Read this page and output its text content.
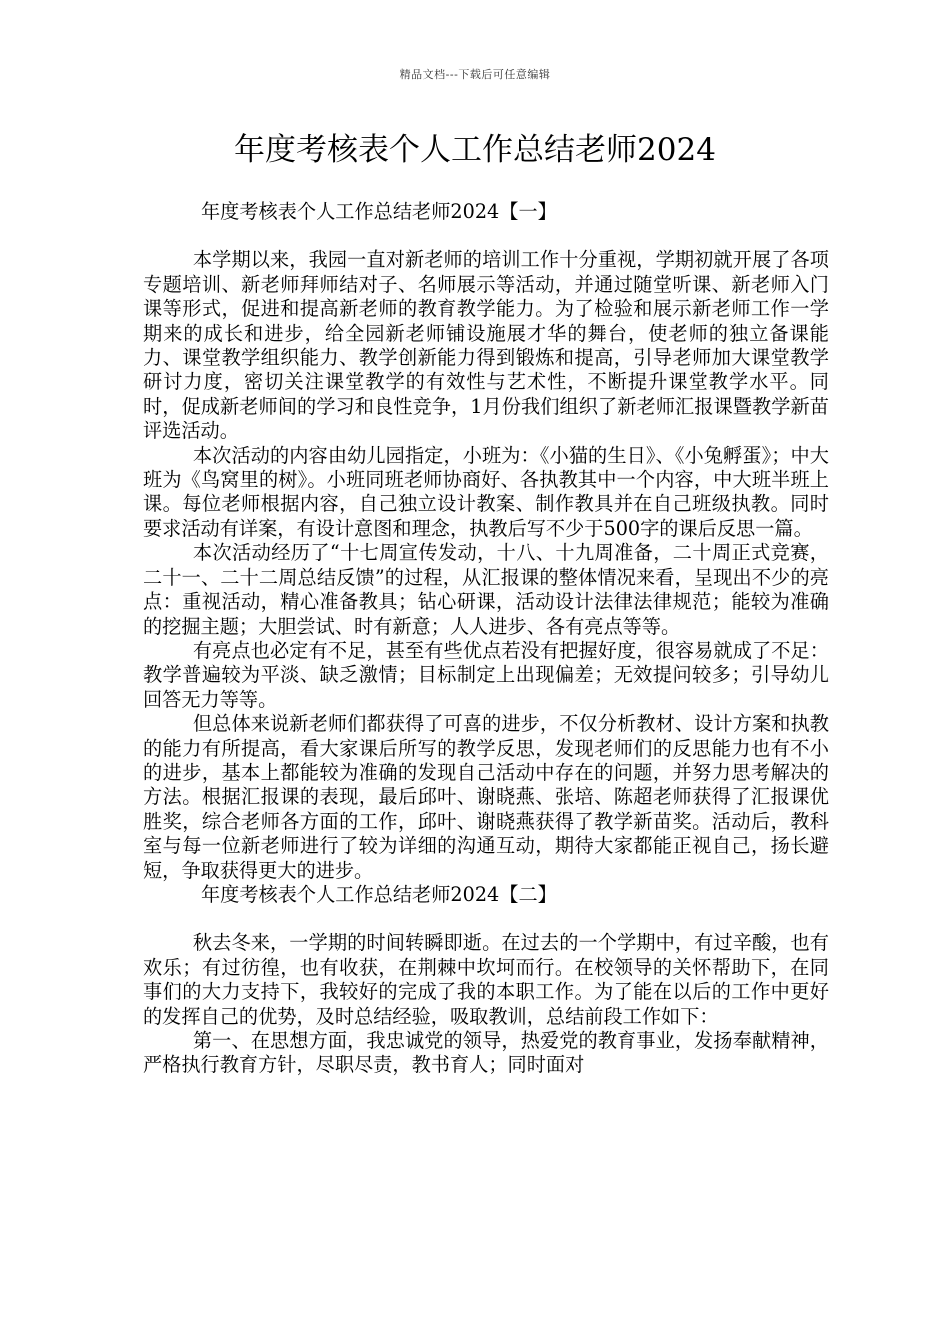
精品文档---下载后可任意编辑
年度考核表个人工作总结老师2024
年度考核表个人工作总结老师2024【一】

本学期以来，我园一直对新老师的培训工作十分重视，学期初就开展了各项专题培训、新老师拜师结对子、名师展示等活动，并通过随堂听课、新老师入门课等形式，促进和提高新老师的教育教学能力。为了检验和展示新老师工作一学期来的成长和进步，给全园新老师铺设施展才华的舞台，使老师的独立备课能力、课堂教学组织能力、教学创新能力得到锻炼和提高，引导老师加大课堂教学研讨力度，密切关注课堂教学的有效性与艺术性，不断提升课堂教学水平。同时，促成新老师间的学习和良性竞争，1月份我们组织了新老师汇报课暨教学新苗评选活动。

本次活动的内容由幼儿园指定，小班为：《小猫的生日》、《小兔孵蛋》；中大班为《鸟窝里的树》。小班同班老师协商好、各执教其中一个内容，中大班半班上课。每位老师根据内容，自己独立设计教案、制作教具并在自己班级执教。同时要求活动有详案，有设计意图和理念，执教后写不少于500字的课后反思一篇。

本次活动经历了“十七周宣传发动，十八、十九周准备，二十周正式竞赛，二十一、二十二周总结反馈”的过程，从汇报课的整体情况来看，呈现出不少的亮点：重视活动，精心准备教具；钻心研课，活动设计法律法律规范；能较为准确的挖掘主题；大胆尝试、时有新意；人人进步、各有亮点等等。

有亮点也必定有不足，甚至有些优点若没有把握好度，很容易就成了不足：教学普遍较为平淡、缺乏激情；目标制定上出现偏差；无效提问较多；引导幼儿回答无力等等。

但总体来说新老师们都获得了可喜的进步，不仅分析教材、设计方案和执教的能力有所提高，看大家课后所写的教学反思，发现老师们的反思能力也有不小的进步，基本上都能较为准确的发现自己活动中存在的问题，并努力思考解决的方法。根据汇报课的表现，最后邱叶、谢晓燕、张培、陈超老师获得了汇报课优胜奖，综合老师各方面的工作，邱叶、谢晓燕获得了教学新苗奖。活动后，教科室与每一位新老师进行了较为详细的沟通互动，期待大家都能正视自己，扬长避短，争取获得更大的进步。

年度考核表个人工作总结老师2024【二】

秋去冬来，一学期的时间转瞬即逝。在过去的一个学期中，有过辛酸，也有欢乐；有过彷徨，也有收获，在荆棘中坎坷而行。在校领导的关怀帮助下，在同事们的大力支持下，我较好的完成了我的本职工作。为了能在以后的工作中更好的发挥自己的优势，及时总结经验，吸取教训，总结前段工作如下：

第一、在思想方面，我忠诚党的领导，热爱党的教育事业，发扬奉献精神，严格执行教育方针，尽职尽责，教书育人；同时面对
